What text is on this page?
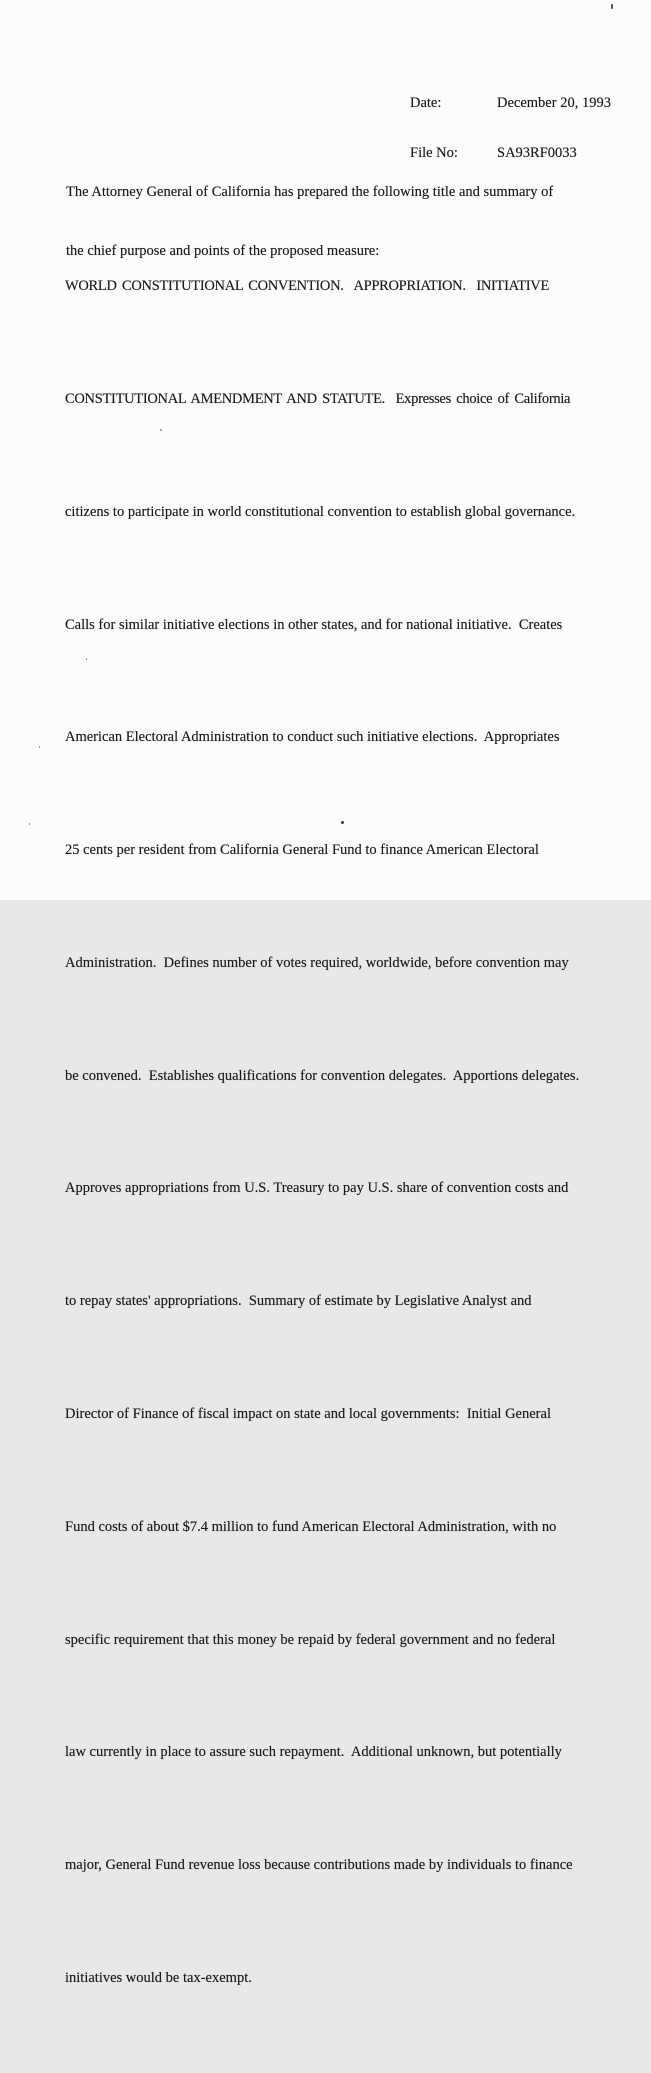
Date:	December 20, 1993

File No:	SA93RF0033

The Attorney General of California has prepared the following title and summary of

the chief purpose and points of the proposed measure:

WORLD CONSTITUTIONAL CONVENTION.  APPROPRIATION.  INITIATIVE

CONSTITUTIONAL AMENDMENT AND STATUTE.  Expresses choice of California

citizens to participate in world constitutional convention to establish global governance.

Calls for similar initiative elections in other states, and for national initiative.  Creates

American Electoral Administration to conduct such initiative elections.  Appropriates

25 cents per resident from California General Fund to finance American Electoral

Administration.  Defines number of votes required, worldwide, before convention may

be convened.  Establishes qualifications for convention delegates.  Apportions delegates.

Approves appropriations from U.S. Treasury to pay U.S. share of convention costs and

to repay states' appropriations.  Summary of estimate by Legislative Analyst and

Director of Finance of fiscal impact on state and local governments:  Initial General

Fund costs of about $7.4 million to fund American Electoral Administration, with no

specific requirement that this money be repaid by federal government and no federal

law currently in place to assure such repayment.  Additional unknown, but potentially

major, General Fund revenue loss because contributions made by individuals to finance

initiatives would be tax-exempt.
